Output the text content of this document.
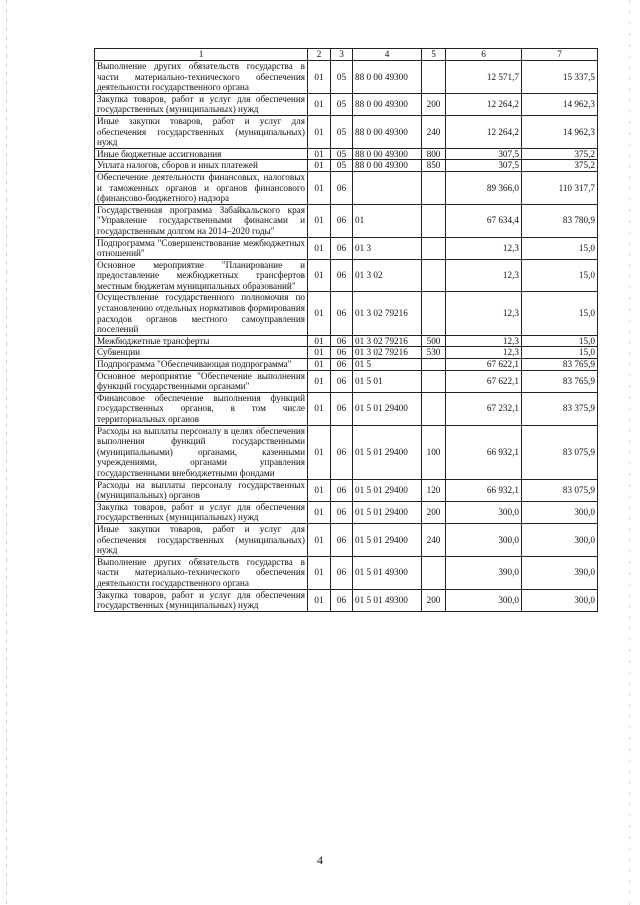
1	2	3	4	5	6	7
Выполнение других обязательств государства в части материально-технического обеспечения деятельности государственного органа	01	05	88 0 00 49300		12 571,7	15 337,5
Закупка товаров, работ и услуг для обеспечения государственных (муниципальных) нужд	01	05	88 0 00 49300	200	12 264,2	14 962,3
Иные закупки товаров, работ и услуг для обеспечения государственных (муниципальных) нужд	01	05	88 0 00 49300	240	12 264,2	14 962,3
Иные бюджетные ассигнования	01	05	88 0 00 49300	800	307,5	375,2
Уплата налогов, сборов и иных платежей	01	05	88 0 00 49300	850	307,5	375,2
Обеспечение деятельности финансовых, налоговых и таможенных органов и органов финансового (финансово-бюджетного) надзора	01	06			89 366,0	110 317,7
Государственная программа Забайкальского края "Управление государственными финансами и государственным долгом на 2014–2020 годы"	01	06	01		67 634,4	83 780,9
Подпрограмма "Совершенствование межбюджетных отношений"	01	06	01 3		12,3	15,0
Основное мероприятие "Планирование и предоставление межбюджетных трансфертов местным бюджетам муниципальных образований"	01	06	01 3 02		12,3	15,0
Осуществление государственного полномочия по установлению отдельных нормативов формирования расходов органов местного самоуправления поселений	01	06	01 3 02 79216		12,3	15,0
Межбюджетные трансферты	01	06	01 3 02 79216	500	12,3	15,0
Субвенции	01	06	01 3 02 79216	530	12,3	15,0
Подпрограмма "Обеспечивающая подпрограмма"	01	06	01 5		67 622,1	83 765,9
Основное мероприятие "Обеспечение выполнения функций государственными органами"	01	06	01 5 01		67 622,1	83 765,9
Финансовое обеспечение выполнения функций государственных органов, в том числе территориальных органов	01	06	01 5 01 29400		67 232,1	83 375,9
Расходы на выплаты персоналу в целях обеспечения выполнения функций государственными (муниципальными) органами, казенными учреждениями, органами управления государственными внебюджетными фондами	01	06	01 5 01 29400	100	66 932,1	83 075,9
Расходы на выплаты персоналу государственных (муниципальных) органов	01	06	01 5 01 29400	120	66 932,1	83 075,9
Закупка товаров, работ и услуг для обеспечения государственных (муниципальных) нужд	01	06	01 5 01 29400	200	300,0	300,0
Иные закупки товаров, работ и услуг для обеспечения государственных (муниципальных) нужд	01	06	01 5 01 29400	240	300,0	300,0
Выполнение других обязательств государства в части материально-технического обеспечения деятельности государственного органа	01	06	01 5 01 49300		390,0	390,0
Закупка товаров, работ и услуг для обеспечения государственных (муниципальных) нужд	01	06	01 5 01 49300	200	300,0	300,0
4
